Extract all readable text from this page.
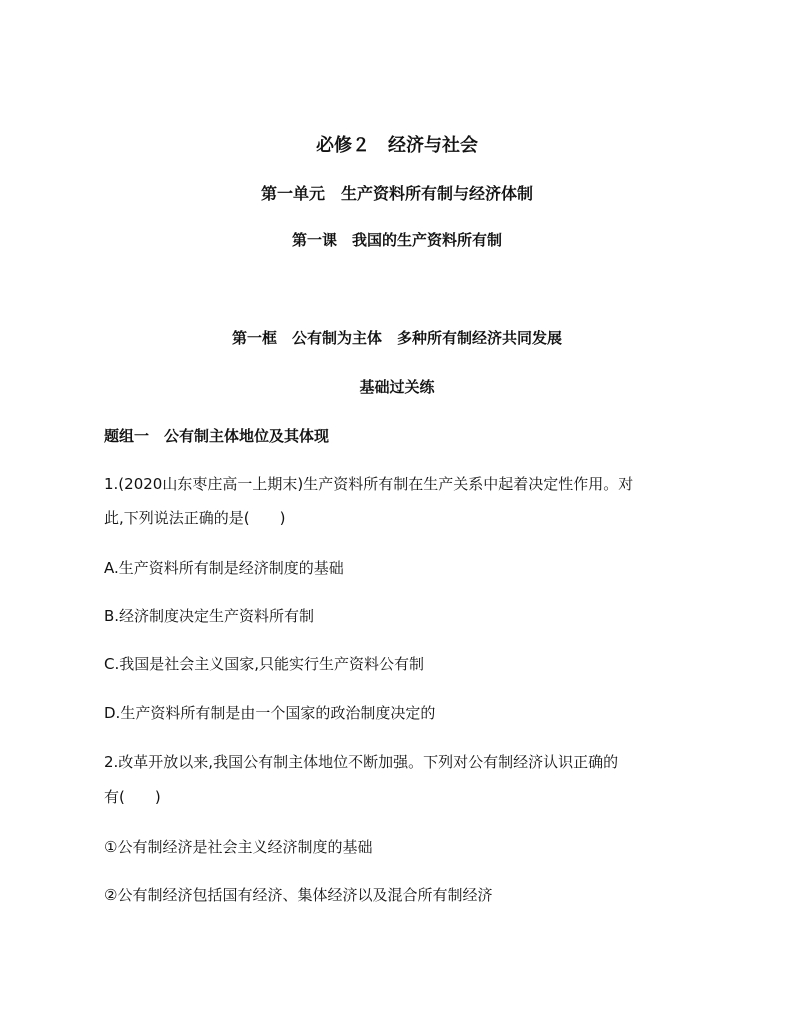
必修２　经济与社会
第一单元　生产资料所有制与经济体制
第一课　我国的生产资料所有制
第一框　公有制为主体　多种所有制经济共同发展
基础过关练
题组一　公有制主体地位及其体现
1.(2020山东枣庄高一上期末)生产资料所有制在生产关系中起着决定性作用。对
此,下列说法正确的是(　　)
A.生产资料所有制是经济制度的基础
B.经济制度决定生产资料所有制
C.我国是社会主义国家,只能实行生产资料公有制
D.生产资料所有制是由一个国家的政治制度决定的
2.改革开放以来,我国公有制主体地位不断加强。下列对公有制经济认识正确的
有(　　)
①公有制经济是社会主义经济制度的基础
②公有制经济包括国有经济、集体经济以及混合所有制经济
